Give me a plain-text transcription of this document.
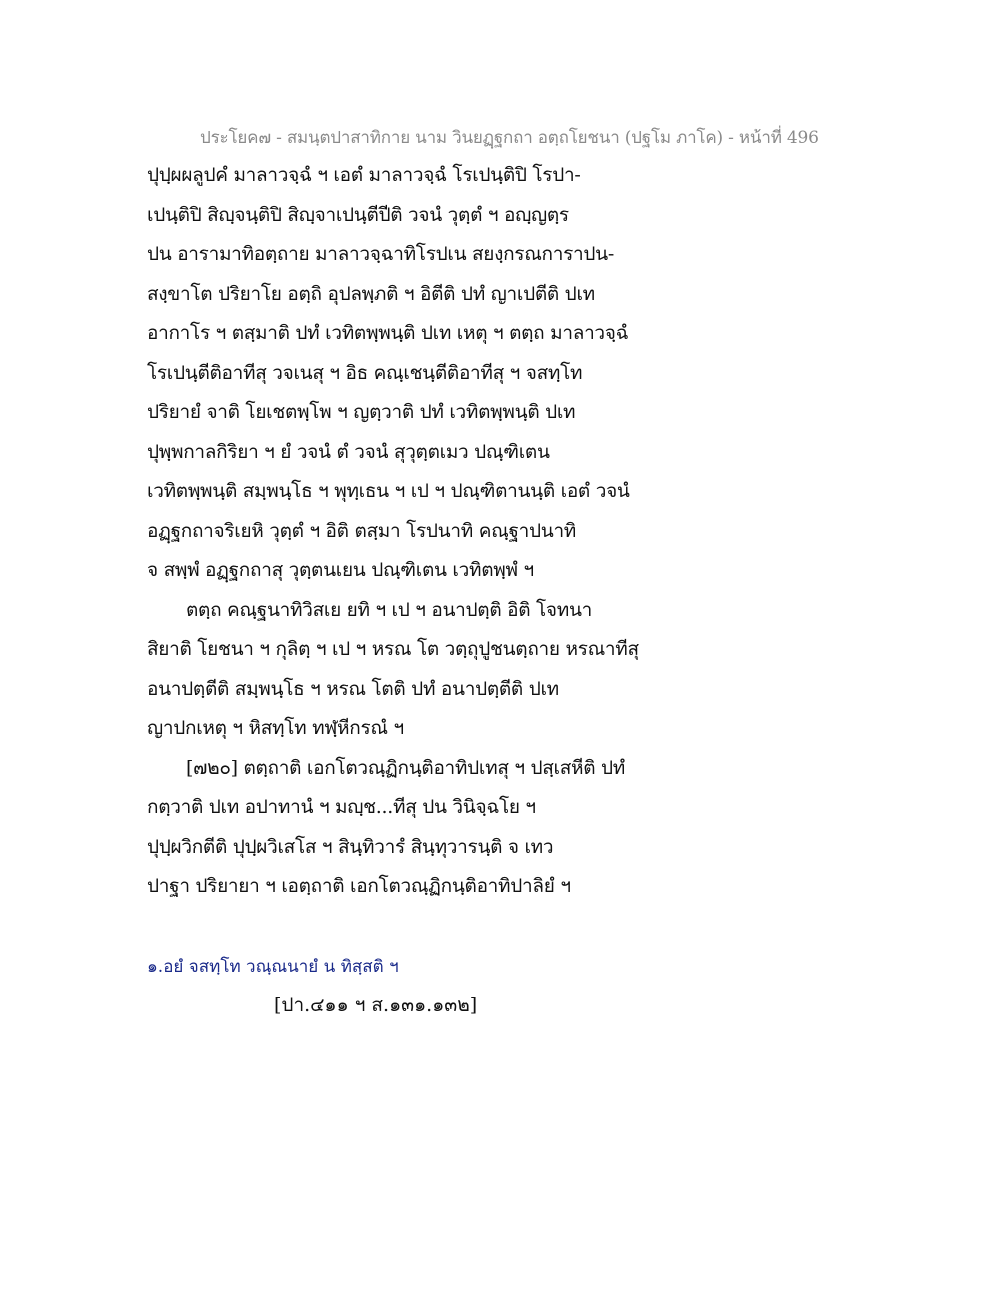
ประโยค๗ - สมนฺตปาสาทิกาย นาม วินยฏฺฐกถา อตฺถโยชนา (ปฐโม ภาโค) - หน้าที่ 496
ปุปฺผผลูปคํ มาลาวจฺฉํ ฯ เอตํ มาลาวจฺฉํ โรเปนฺติปิ โรปา-
เปนฺติปิ สิญฺจนฺติปิ สิญฺจาเปนฺตีปีติ วจนํ วุตฺตํ ฯ อญฺญตฺร
ปน อารามาทิอตฺถาย มาลาวจฺฉาทิโรปเน สยงฺกรณการาปน-
สงฺขาโต ปริยาโย อตฺถิ อุปลพฺภติ ฯ อิตีติ ปทํ ญาเปตีติ ปเท
อากาโร ฯ ตสฺมาติ ปทํ เวทิตพฺพนฺติ ปเท เหตุ ฯ ตตฺถ มาลาวจฺฉํ
โรเปนฺตีติอาทีสุ วจเนสุ ฯ อิธ คณฺเชนฺตีติอาทีสุ ฯ จสทฺโท
ปริยายํ จาติ โยเชตพฺโพ ฯ ญตฺวาติ ปทํ เวทิตพฺพนฺติ ปเท
ปุพฺพกาลกิริยา ฯ ยํ วจนํ ตํ วจนํ สุวุตฺตเมว ปณฺฑิเตน
เวทิตพฺพนฺติ สมฺพนฺโธ ฯ พุทฺเธน ฯ เป ฯ ปณฺฑิตานนฺติ เอตํ วจนํ
อฏฺฐกถาจริเยหิ วุตฺตํ ฯ อิติ ตสฺมา โรปนาทิ คณฺฐาปนาทิ
จ สพฺพํ อฏฺฐกถาสุ วุตฺตนเยน ปณฺฑิเตน เวทิตพฺพํ ฯ
ตตฺถ คณฺฐนาทิวิสเย ยทิ ฯ เป ฯ อนาปตฺติ อิติ โจทนา
สิยาติ โยชนา ฯ กุลิตฺ ฯ เป ฯ หรณ โต วตฺถุปูชนตฺถาย หรณาทีสุ
อนาปตฺตีติ สมฺพนฺโธ ฯ หรณ โตติ ปทํ อนาปตฺตีติ ปเท
ญาปกเหตุ ฯ หิสทฺโท ทฬฺหีกรณํ ฯ
[๗๒๐] ตตฺถาติ เอกโตวณฺฏิกนฺติอาทิปเทสุ ฯ ปสฺเสหีติ ปทํ
กตฺวาติ ปเท อปาทานํ ฯ มญฺช...ทีสุ ปน วินิจฺฉโย ฯ
ปุปฺผวิกตีติ ปุปฺผวิเสโส ฯ สินฺทิวารํ สินฺทุวารนฺติ จ เทว
ปาฐา ปริยายา ฯ เอตฺถาติ เอกโตวณฺฏิกนฺติอาทิปาลิยํ ฯ
๑.อยํ จสทฺโท วณฺณนายํ น ทิสฺสติ ฯ
[ปา.๔๑๑ ฯ ส.๑๓๑.๑๓๒]
